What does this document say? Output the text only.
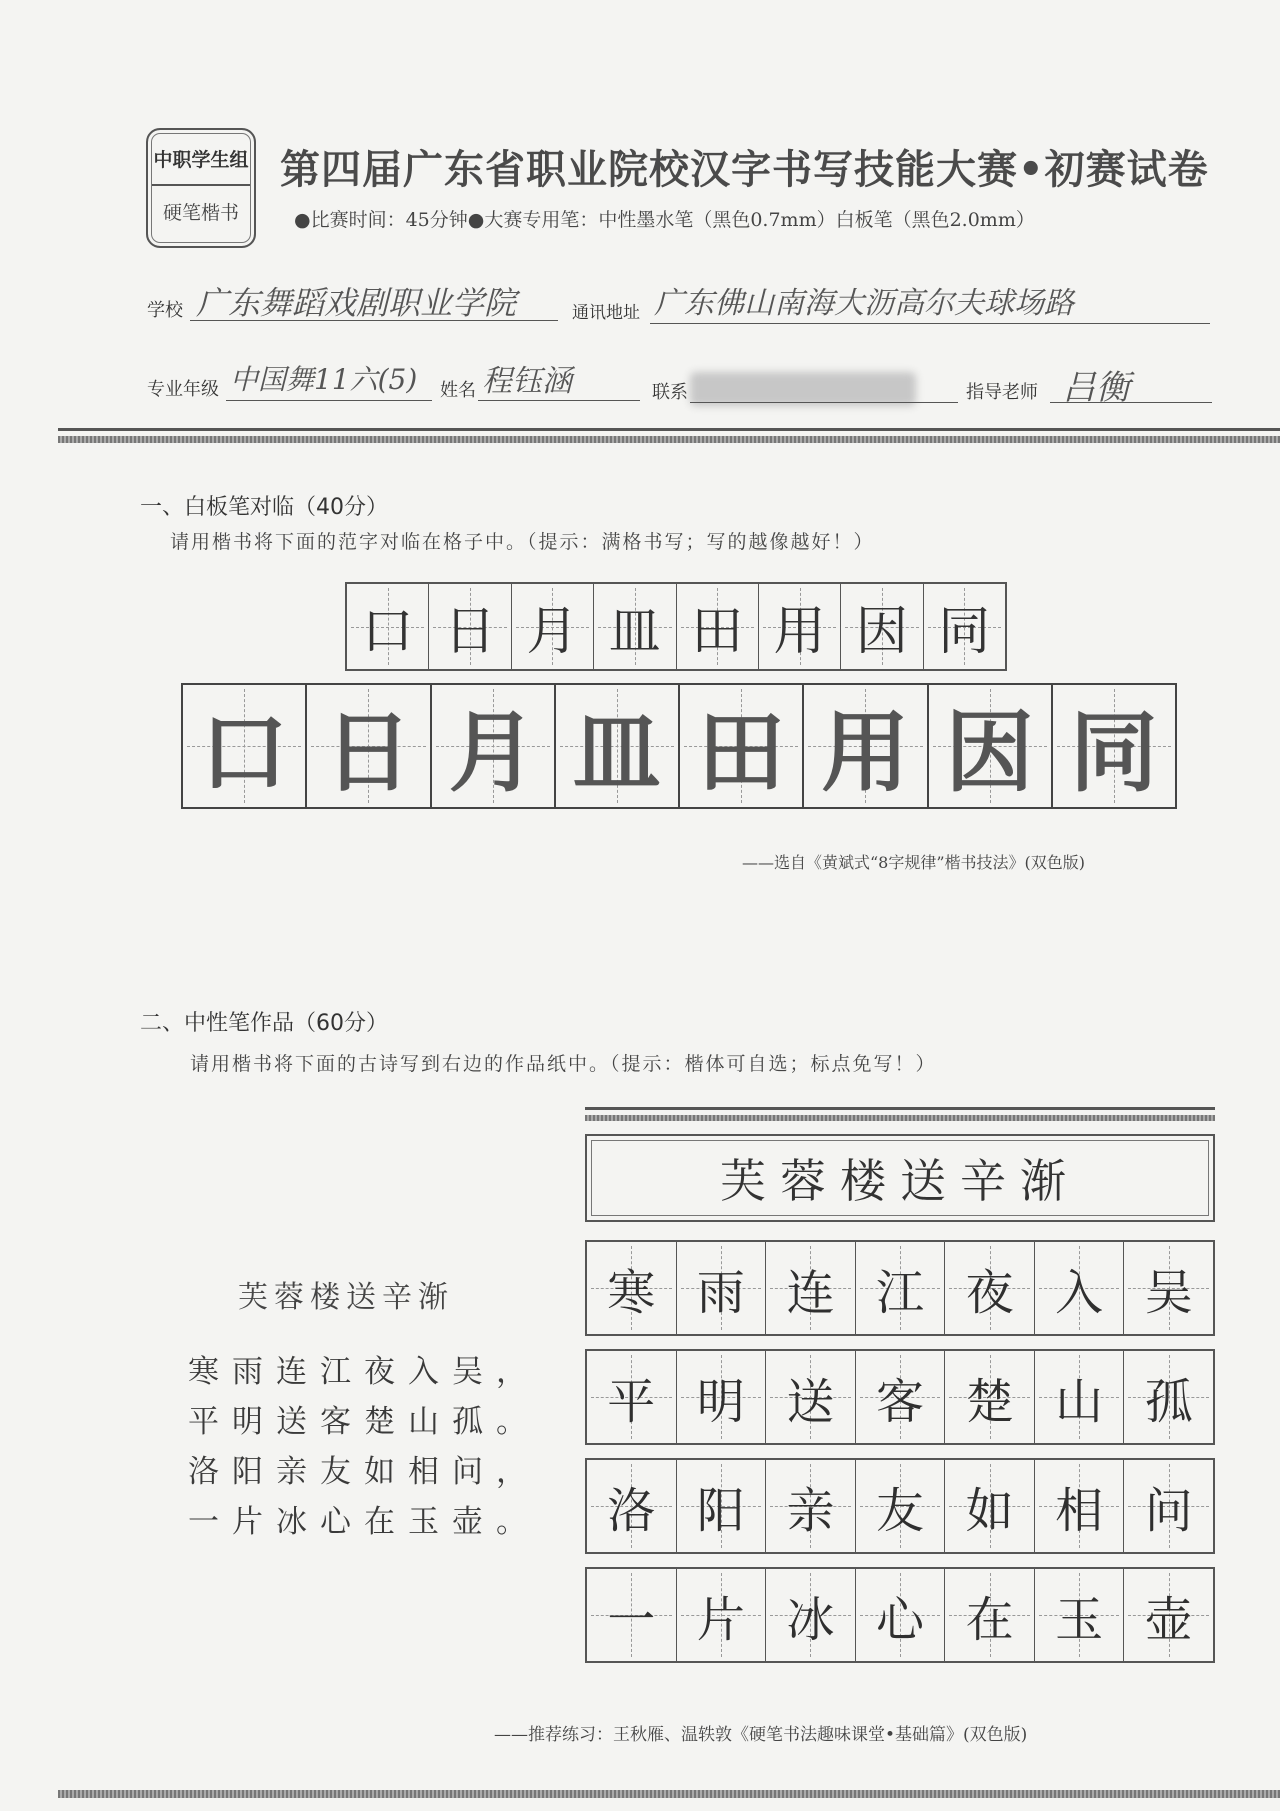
中职学生组
硬笔楷书
第四届广东省职业院校汉字书写技能大赛•初赛试卷
●比赛时间：45分钟●大赛专用笔：中性墨水笔（黑色0.7mm）白板笔（黑色2.0mm）
学校 广东舞蹈戏剧职业学院	通讯地址 广东佛山南海大沥高尔夫球场路
专业年级 中国舞11六(5) 姓名 程钰涵	联系	指导老师 吕衡
一、白板笔对临（40分）
请用楷书将下面的范字对临在格子中。（提示：满格书写；写的越像越好！）
口 日 月 皿 田 用 因 同
口 日 月 皿 田 用 因 同
——选自《黄斌式“8字规律”楷书技法》(双色版)
二、中性笔作品（60分）
请用楷书将下面的古诗写到右边的作品纸中。（提示：楷体可自选；标点免写！）
芙蓉楼送辛渐
寒雨连江夜入吴，
平明送客楚山孤。
洛阳亲友如相问，
一片冰心在玉壶。
芙蓉楼送辛渐
寒 雨 连 江 夜 入 吴
平 明 送 客 楚 山 孤
洛 阳 亲 友 如 相 问
一 片 冰 心 在 玉 壶
——推荐练习：王秋雁、温轶敦《硬笔书法趣味课堂•基础篇》(双色版)
